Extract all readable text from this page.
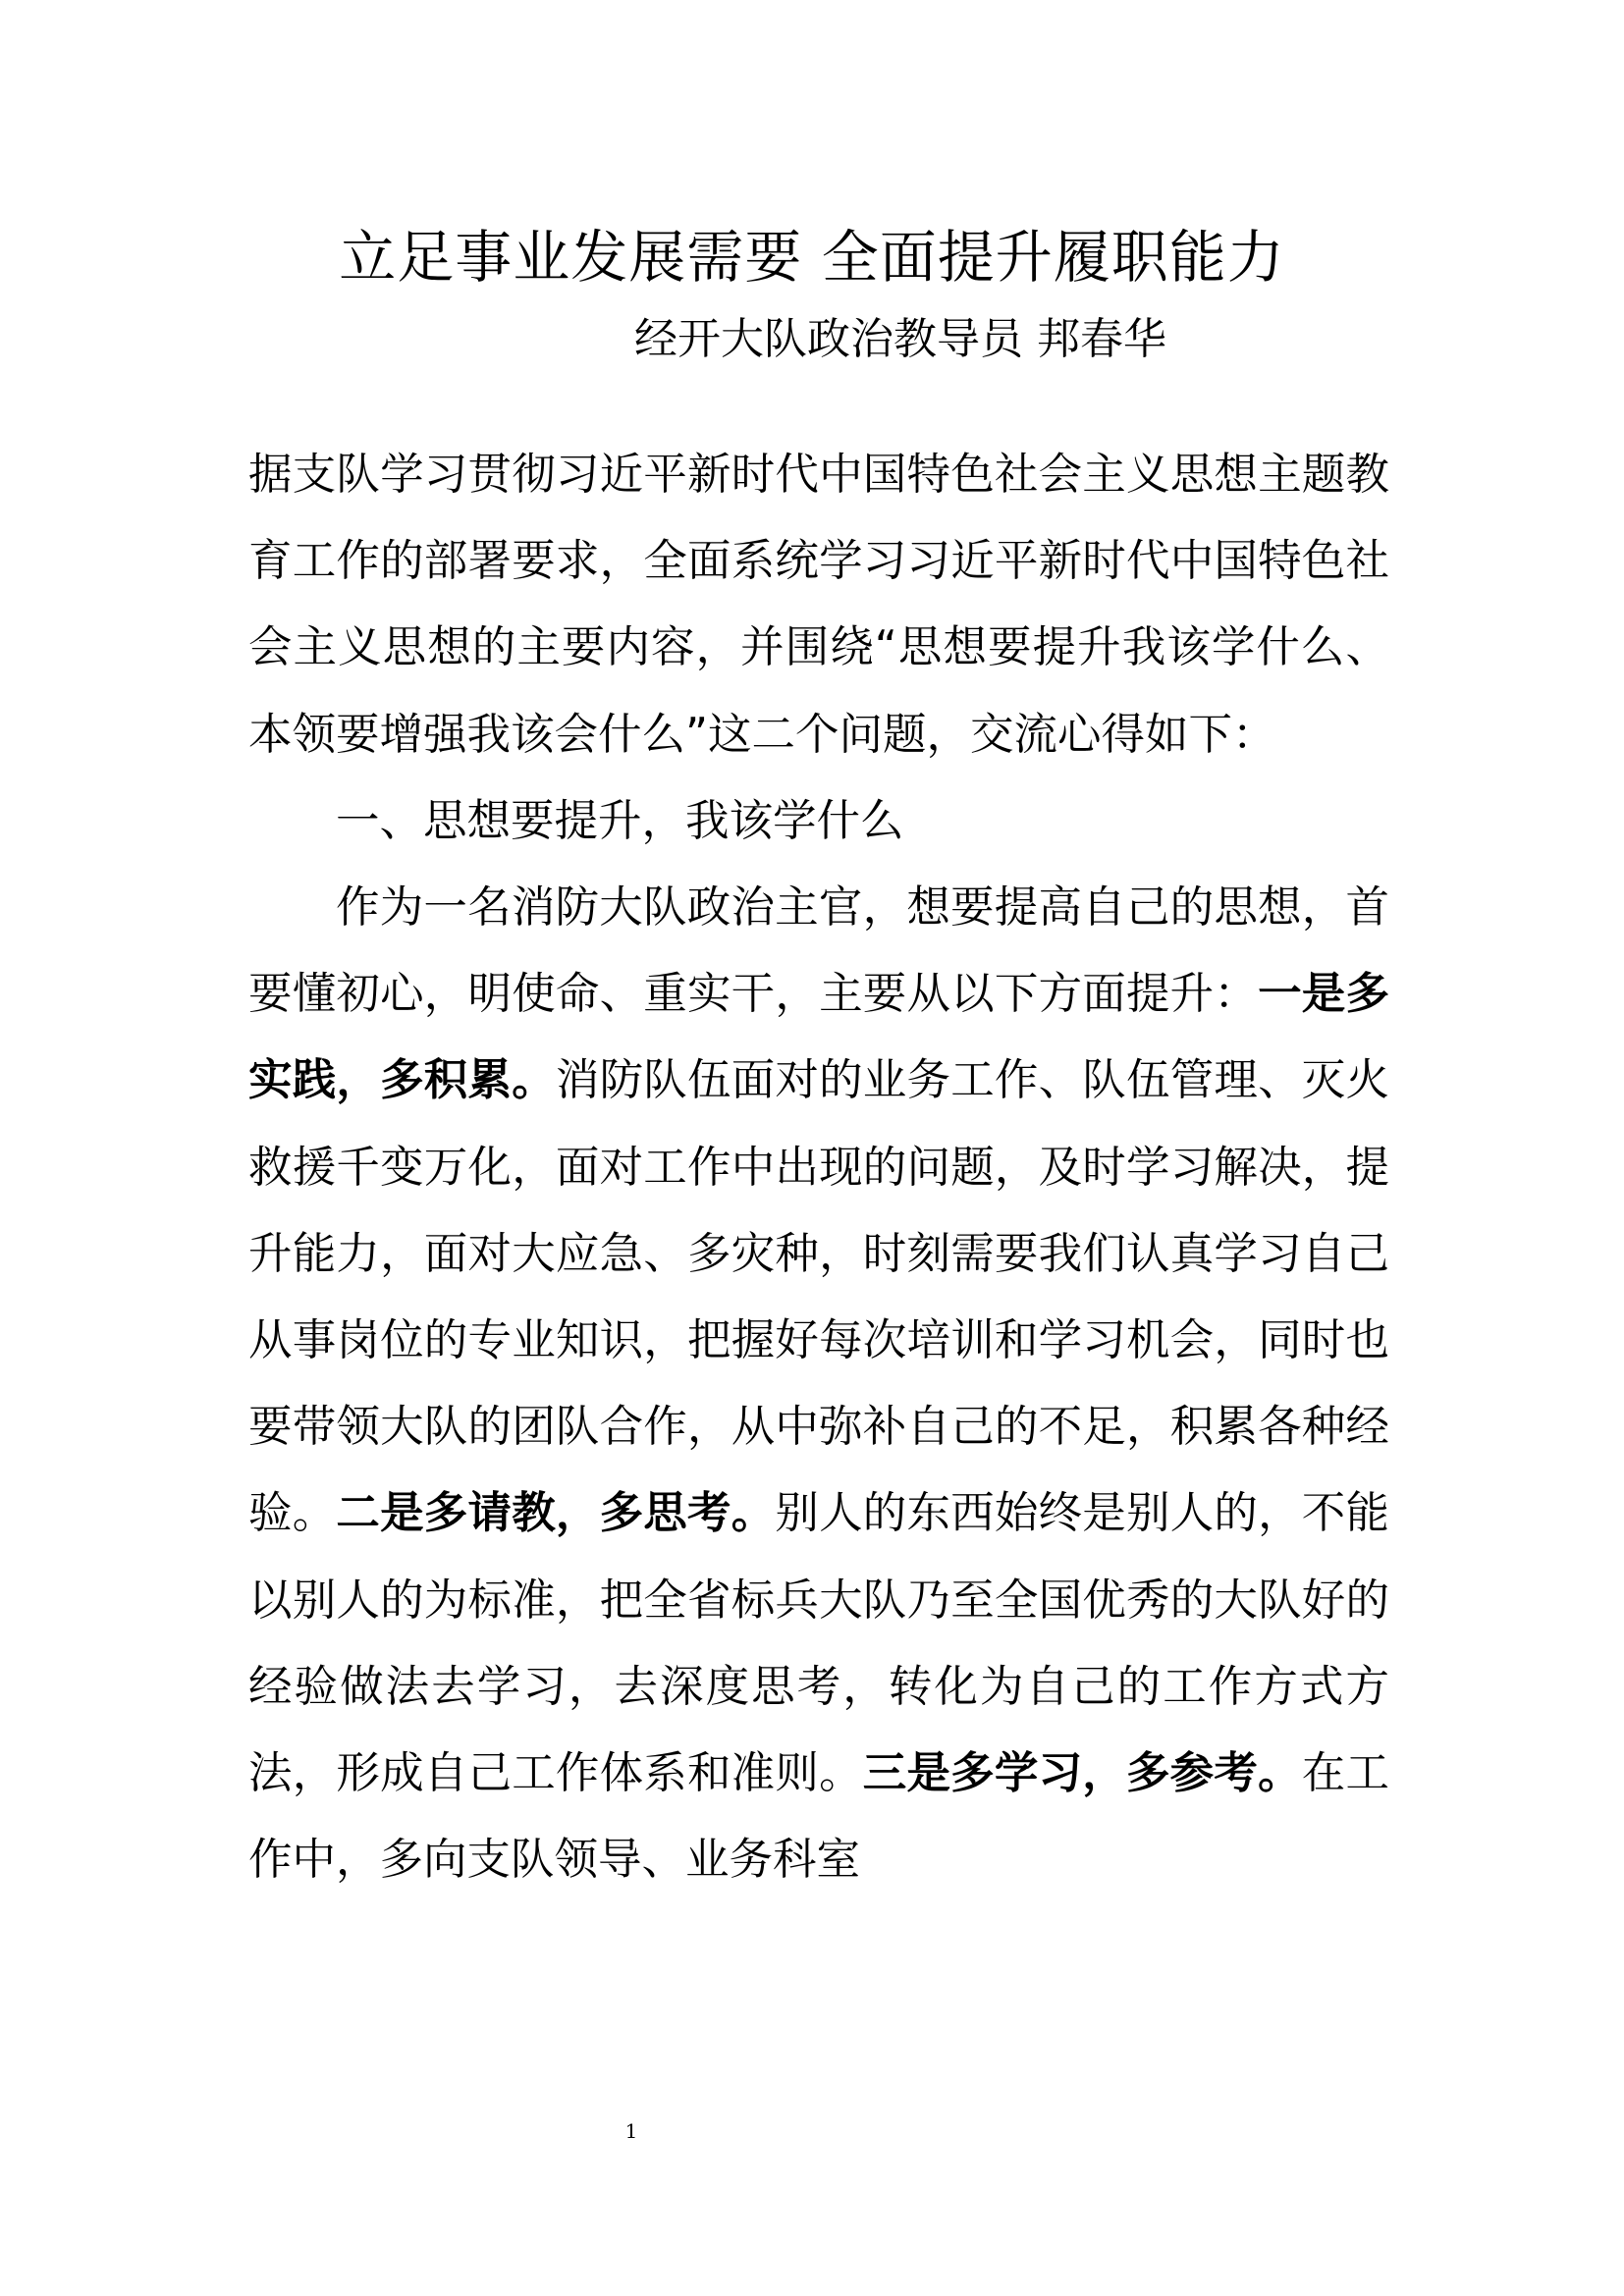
立足事业发展需要 全面提升履职能力
经开大队政治教导员 邦春华

据支队学习贯彻习近平新时代中国特色社会主义思想主题教育工作的部署要求，全面系统学习习近平新时代中国特色社会主义思想的主要内容，并围绕“思想要提升我该学什么、本领要增强我该会什么”这二个问题，交流心得如下：

一、思想要提升，我该学什么

作为一名消防大队政治主官，想要提高自己的思想，首要懂初心，明使命、重实干，主要从以下方面提升：一是多实践，多积累。消防队伍面对的业务工作、队伍管理、灭火救援千变万化，面对工作中出现的问题，及时学习解决，提升能力，面对大应急、多灾种，时刻需要我们认真学习自己从事岗位的专业知识，把握好每次培训和学习机会，同时也要带领大队的团队合作，从中弥补自己的不足，积累各种经验。二是多请教，多思考。别人的东西始终是别人的，不能以别人的为标准，把全省标兵大队乃至全国优秀的大队好的经验做法去学习，去深度思考，转化为自己的工作方式方法，形成自己工作体系和准则。三是多学习，多参考。在工作中，多向支队领导、业务科室

1
